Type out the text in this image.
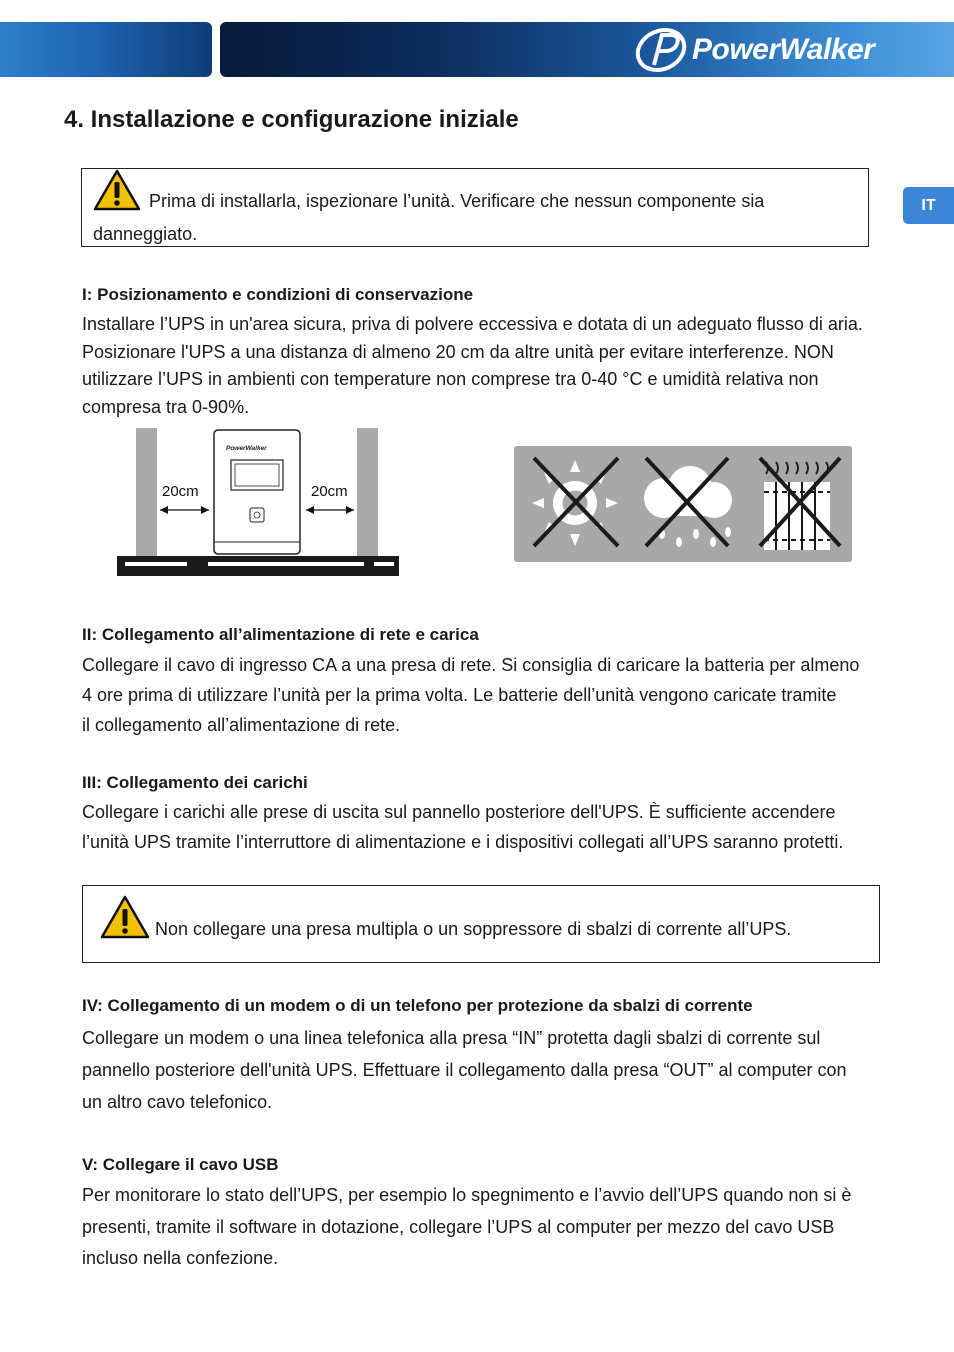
PowerWalker
IT
4. Installazione e configurazione iniziale
Prima di installarla, ispezionare l’unità. Verificare che nessun componente sia
danneggiato.
I: Posizionamento e condizioni di conservazione
Installare l’UPS in un'area sicura, priva di polvere eccessiva e dotata di un adeguato flusso di aria.
Posizionare l'UPS a una distanza di almeno 20 cm da altre unità per evitare interferenze. NON
utilizzare l’UPS in ambienti con temperature non comprese tra 0-40 °C e umidità relativa non
compresa tra 0-90%.
PowerWalker
20cm	20cm
II: Collegamento all’alimentazione di rete e carica
Collegare il cavo di ingresso CA a una presa di rete. Si consiglia di caricare la batteria per almeno
4 ore prima di utilizzare l’unità per la prima volta. Le batterie dell’unità vengono caricate tramite
il collegamento all’alimentazione di rete.
III: Collegamento dei carichi
Collegare i carichi alle prese di uscita sul pannello posteriore dell'UPS. È sufficiente accendere
l’unità UPS tramite l’interruttore di alimentazione e i dispositivi collegati all’UPS saranno protetti.
Non collegare una presa multipla o un soppressore di sbalzi di corrente all’UPS.
IV: Collegamento di un modem o di un telefono per protezione da sbalzi di corrente
Collegare un modem o una linea telefonica alla presa “IN” protetta dagli sbalzi di corrente sul
pannello posteriore dell'unità UPS. Effettuare il collegamento dalla presa “OUT” al computer con
un altro cavo telefonico.
V: Collegare il cavo USB
Per monitorare lo stato dell’UPS, per esempio lo spegnimento e l’avvio dell’UPS quando non si è
presenti, tramite il software in dotazione, collegare l’UPS al computer per mezzo del cavo USB
incluso nella confezione.
